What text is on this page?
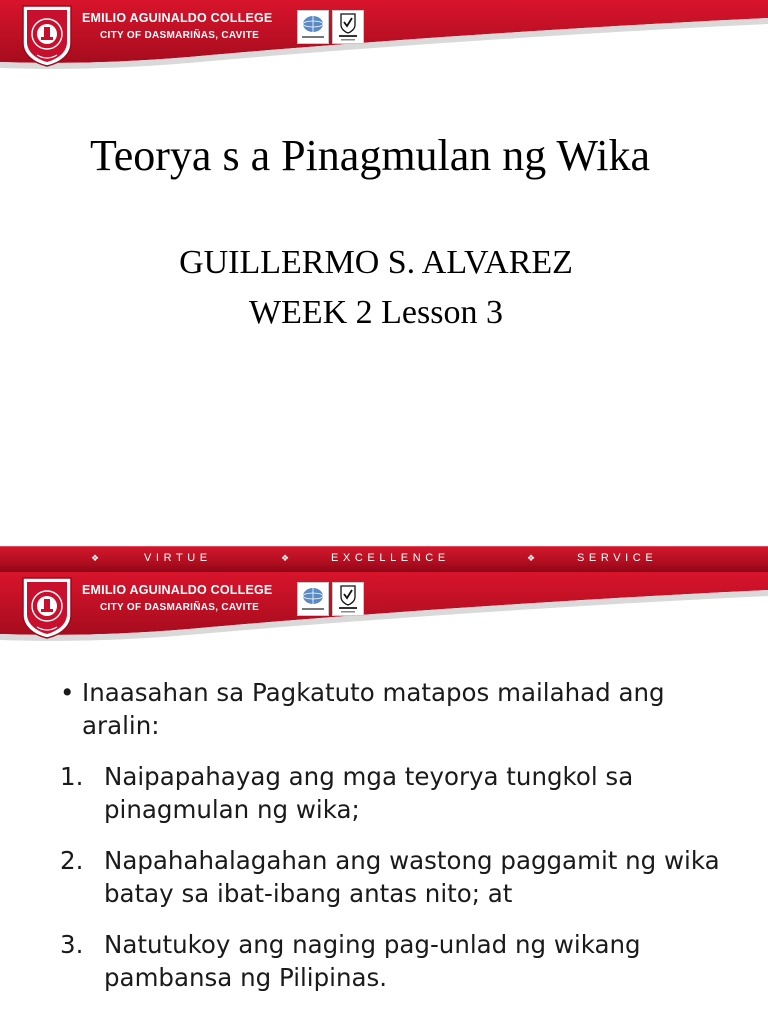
EMILIO AGUINALDO COLLEGE
CITY OF DASMARIÑAS, CAVITE
Teorya s a Pinagmulan ng Wika
GUILLERMO S. ALVAREZ
WEEK 2 Lesson 3
❖	VIRTUE	❖	EXCELLENCE	❖	SERVICE
EMILIO AGUINALDO COLLEGE
CITY OF DASMARIÑAS, CAVITE
• Inaasahan sa Pagkatuto matapos mailahad ang aralin:
1. Naipapahayag ang mga teyorya tungkol sa pinagmulan ng wika;
2. Napahahalagahan ang wastong paggamit ng wika batay sa ibat-ibang antas nito; at
3. Natutukoy ang naging pag-unlad ng wikang pambansa ng Pilipinas.
